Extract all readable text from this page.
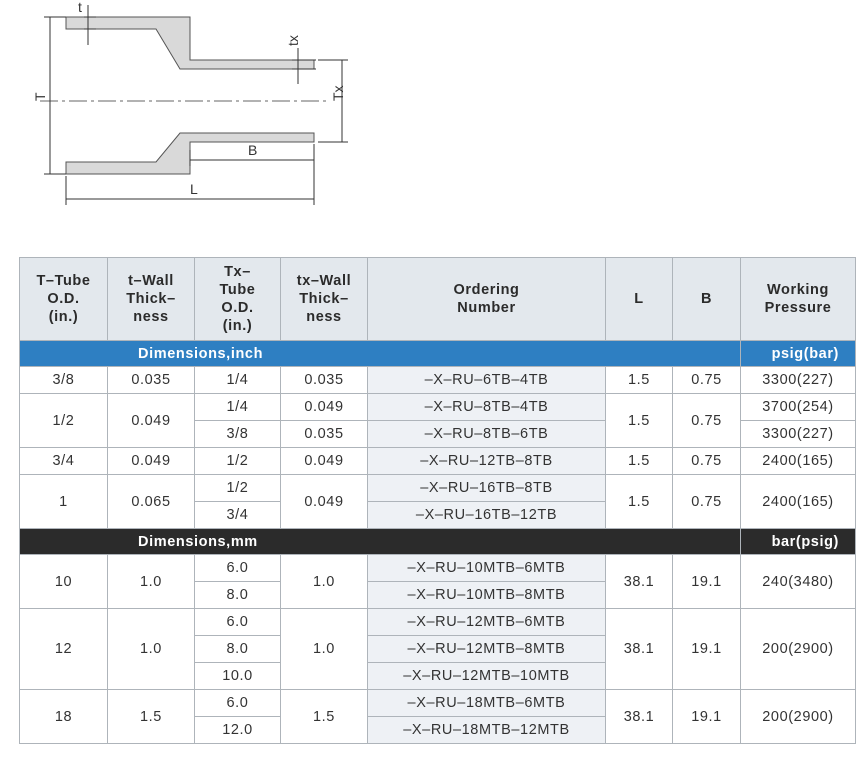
T
t
tx
Tx
B
L
T–Tube
O.D.
(in.)	t–Wall
Thick–
ness	Tx–
Tube
O.D.
(in.)	tx–Wall
Thick–
ness	Ordering
Number	L	B	Working
Pressure
Dimensions,inch							psig(bar)
3/8	0.035	1/4	0.035	–X–RU–6TB–4TB	1.5	0.75	3300(227)
1/2	0.049	1/4	0.049	–X–RU–8TB–4TB	1.5	0.75	3700(254)
		3/8	0.035	–X–RU–8TB–6TB			3300(227)
3/4	0.049	1/2	0.049	–X–RU–12TB–8TB	1.5	0.75	2400(165)
1	0.065	1/2	0.049	–X–RU–16TB–8TB	1.5	0.75	2400(165)
		3/4		–X–RU–16TB–12TB			
Dimensions,mm							bar(psig)
10	1.0	6.0	1.0	–X–RU–10MTB–6MTB	38.1	19.1	240(3480)
		8.0		–X–RU–10MTB–8MTB			
12	1.0	6.0	1.0	–X–RU–12MTB–6MTB	38.1	19.1	200(2900)
		8.0		–X–RU–12MTB–8MTB			
		10.0		–X–RU–12MTB–10MTB			
18	1.5	6.0	1.5	–X–RU–18MTB–6MTB	38.1	19.1	200(2900)
		12.0		–X–RU–18MTB–12MTB			
